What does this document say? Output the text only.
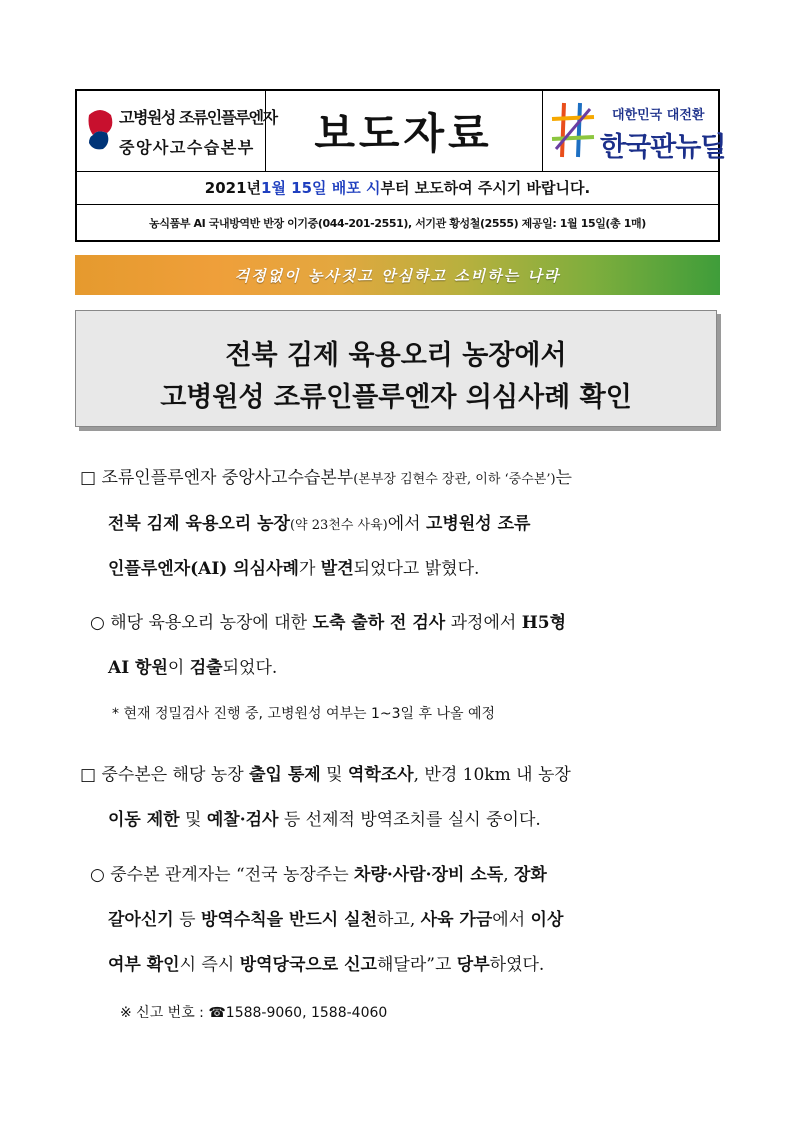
고병원성 조류인플루엔자
중앙사고수습본부 보도자료	대한민국 대전환
한국판뉴딜
2021년 1월 15일 배포 시 부터 보도하여 주시기 바랍니다.
농식품부 AI 국내방역반 반장 이기중(044-201-2551), 서기관 황성철(2555) 제공일: 1월 15일(총 1매)
걱정없이 농사짓고 안심하고 소비하는 나라
전북 김제 육용오리 농장에서
고병원성 조류인플루엔자 의심사례 확인
□ 조류인플루엔자 중앙사고수습본부(본부장 김현수 장관, 이하 ‘중수본’)는
전북 김제 육용오리 농장(약 23천수 사육)에서 고병원성 조류
인플루엔자(AI) 의심사례가 발견되었다고 밝혔다.
○ 해당 육용오리 농장에 대한 도축 출하 전 검사 과정에서 H5형
AI 항원이 검출되었다.
* 현재 정밀검사 진행 중, 고병원성 여부는 1~3일 후 나올 예정
□ 중수본은 해당 농장 출입 통제 및 역학조사, 반경 10km 내 농장
이동 제한 및 예찰·검사 등 선제적 방역조치를 실시 중이다.
○ 중수본 관계자는 “전국 농장주는 차량·사람·장비 소독, 장화
갈아신기 등 방역수칙을 반드시 실천하고, 사육 가금에서 이상
여부 확인시 즉시 방역당국으로 신고해달라”고 당부하였다.
※ 신고 번호 : ☎1588-9060, 1588-4060
